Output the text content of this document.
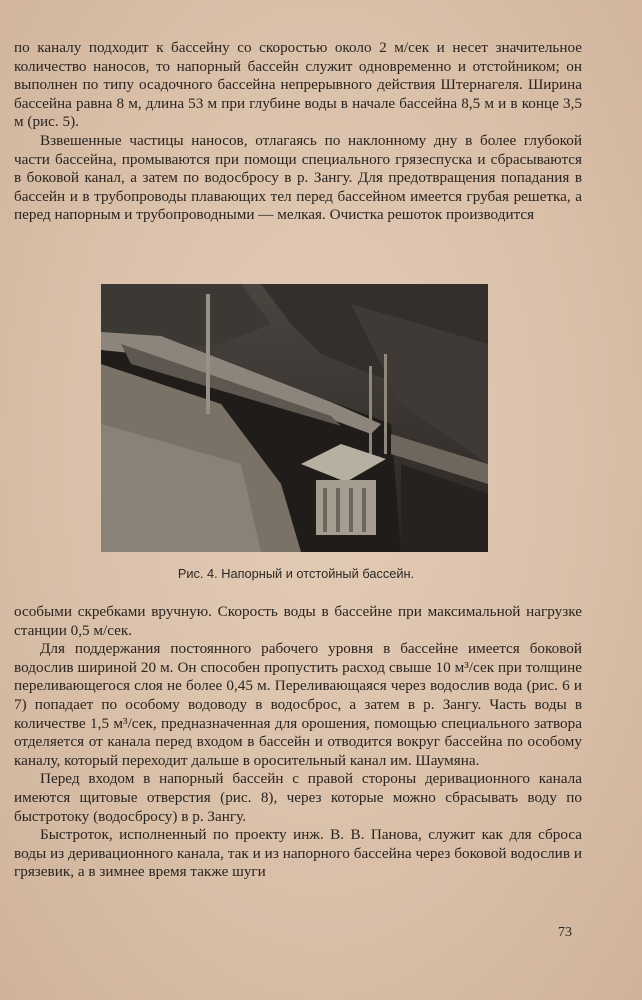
по каналу подходит к бассейну со скоростью около 2 м/сек и несет значительное количество наносов, то напорный бассейн служит одновременно и отстойником; он выполнен по типу осадочного бассейна непрерывного действия Штернагеля. Ширина бассейна равна 8 м, длина 53 м при глубине воды в начале бассейна 8,5 м и в конце 3,5 м (рис. 5).

Взвешенные частицы наносов, отлагаясь по наклонному дну в более глубокой части бассейна, промываются при помощи специального грязеспуска и сбрасываются в боковой канал, а затем по водосбросу в р. Зангу. Для предотвращения попадания в бассейн и в трубопроводы плавающих тел перед бассейном имеется грубая решетка, а перед напорным и трубопроводными — мелкая. Очистка решоток производится

Рис. 4. Напорный и отстойный бассейн.

особыми скребками вручную. Скорость воды в бассейне при максимальной нагрузке станции 0,5 м/сек.

Для поддержания постоянного рабочего уровня в бассейне имеется боковой водослив шириной 20 м. Он способен пропустить расход свыше 10 м³/сек при толщине переливающегося слоя не более 0,45 м. Переливающаяся через водослив вода (рис. 6 и 7) попадает по особому водоводу в водосброс, а затем в р. Зангу. Часть воды в количестве 1,5 м³/сек, предназначенная для орошения, помощью специального затвора отделяется от канала перед входом в бассейн и отводится вокруг бассейна по особому каналу, который переходит дальше в оросительный канал им. Шаумяна.

Перед входом в напорный бассейн с правой стороны деривационного канала имеются щитовые отверстия (рис. 8), через которые можно сбрасывать воду по быстротоку (водосбросу) в р. Зангу.

Быстроток, исполненный по проекту инж. В. В. Панова, служит как для сброса воды из деривационного канала, так и из напорного бассейна через боковой водослив и грязевик, а в зимнее время также шуги

73
